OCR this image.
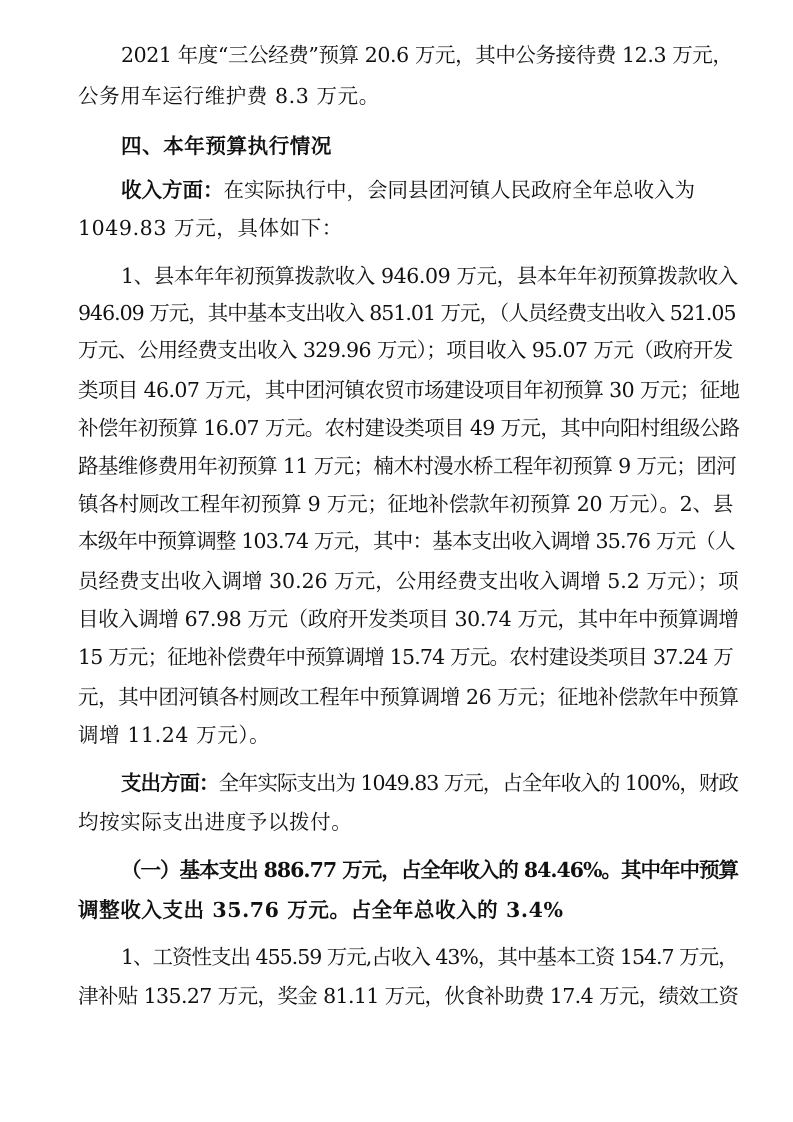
2021 年度“三公经费”预算 20.6 万元，其中公务接待费 12.3 万元，
公务用车运行维护费 8.3 万元。
四、本年预算执行情况
收入方面：在实际执行中，会同县团河镇人民政府全年总收入为
1049.83 万元，具体如下：
1、县本年年初预算拨款收入 946.09 万元，县本年年初预算拨款收入
946.09 万元，其中基本支出收入 851.01 万元，（人员经费支出收入 521.05
万元、公用经费支出收入 329.96 万元）；项目收入 95.07 万元（政府开发
类项目 46.07 万元，其中团河镇农贸市场建设项目年初预算 30 万元；征地
补偿年初预算 16.07 万元。农村建设类项目 49 万元，其中向阳村组级公路
路基维修费用年初预算 11 万元；楠木村漫水桥工程年初预算 9 万元；团河
镇各村厕改工程年初预算 9 万元；征地补偿款年初预算 20 万元）。2、县
本级年中预算调整 103.74 万元，其中：基本支出收入调增 35.76 万元（人
员经费支出收入调增 30.26 万元，公用经费支出收入调增 5.2 万元）；项
目收入调增 67.98 万元（政府开发类项目 30.74 万元，其中年中预算调增
15 万元；征地补偿费年中预算调增 15.74 万元。农村建设类项目 37.24 万
元，其中团河镇各村厕改工程年中预算调增 26 万元；征地补偿款年中预算
调增 11.24 万元）。
支出方面：全年实际支出为 1049.83 万元，占全年收入的 100%，财政
均按实际支出进度予以拨付。
（一）基本支出 886.77 万元，占全年收入的 84.46%。其中年中预算
调整收入支出 35.76 万元。占全年总收入的 3.4%
1、工资性支出 455.59 万元,占收入 43%，其中基本工资 154.7 万元，
津补贴 135.27 万元，奖金 81.11 万元，伙食补助费 17.4 万元，绩效工资
